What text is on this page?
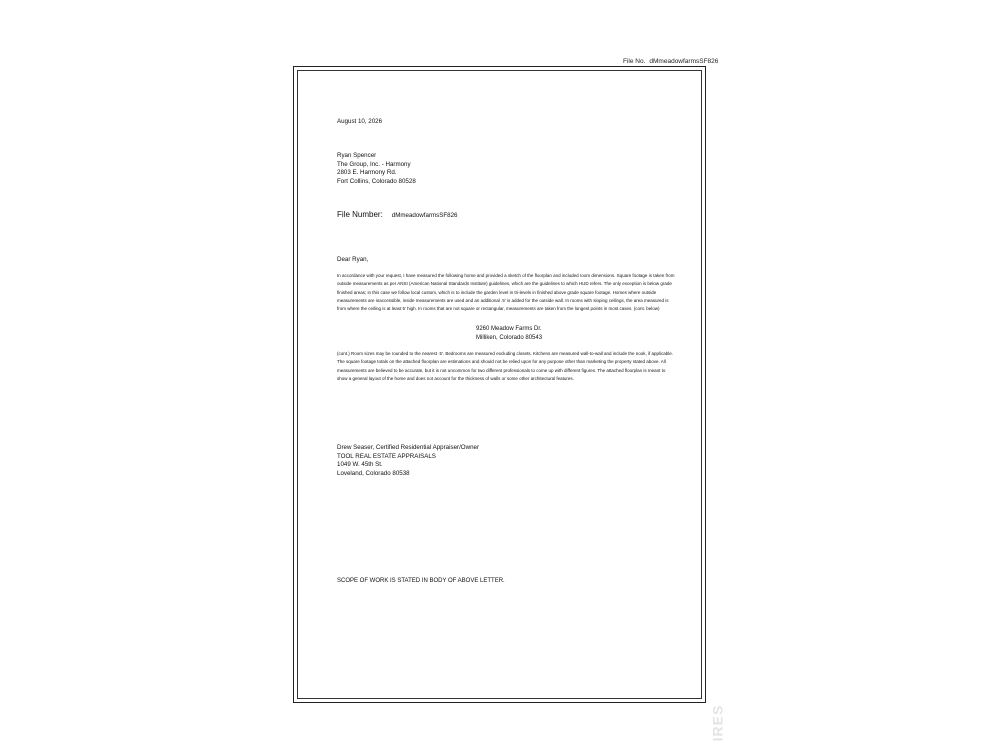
File No. dMmeadowfarmsSF826
August 10, 2026
Ryan Spencer
The Group, Inc. - Harmony
2803 E. Harmony Rd.
Fort Collins, Colorado 80528
File Number: dMmeadowfarmsSF826
Dear Ryan,
In accordance with your request, I have measured the following home and provided a sketch of the floorplan and included room dimensions. Square footage is taken from
outside measurements as per ANSI (American National Standards Institute) guidelines, which are the guidelines to which HUD refers. The only exception is below grade
finished areas; in this case we follow local custom, which is to include the garden level in tri-levels in finished above grade square footage. Homes where outside
measurements are inaccessible, inside measurements are used and an additional .5' is added for the outside wall. In rooms with sloping ceilings, the area measured is
from where the ceiling is at least 5' high. In rooms that are not square or rectangular, measurements are taken from the longest points in most cases. (cont. below)
9260 Meadow Farms Dr.
Milliken, Colorado 80543
(cont.) Room sizes may be rounded to the nearest .5'. Bedrooms are measured excluding closets. Kitchens are measured wall-to-wall and include the nook, if applicable.
The square footage totals on the attached floorplan are estimations and should not be relied upon for any purpose other than marketing the property stated above. All
measurements are believed to be accurate, but it is not uncommon for two different professionals to come up with different figures. The attached floorplan is meant to
show a general layout of the home and does not account for the thickness of walls or some other architectural features.
Drew Seaser, Certified Residential Appraiser/Owner
TOOL REAL ESTATE APPRAISALS
1049 W. 45th St.
Loveland, Colorado 80538
SCOPE OF WORK IS STATED IN BODY OF ABOVE LETTER.
IRES
